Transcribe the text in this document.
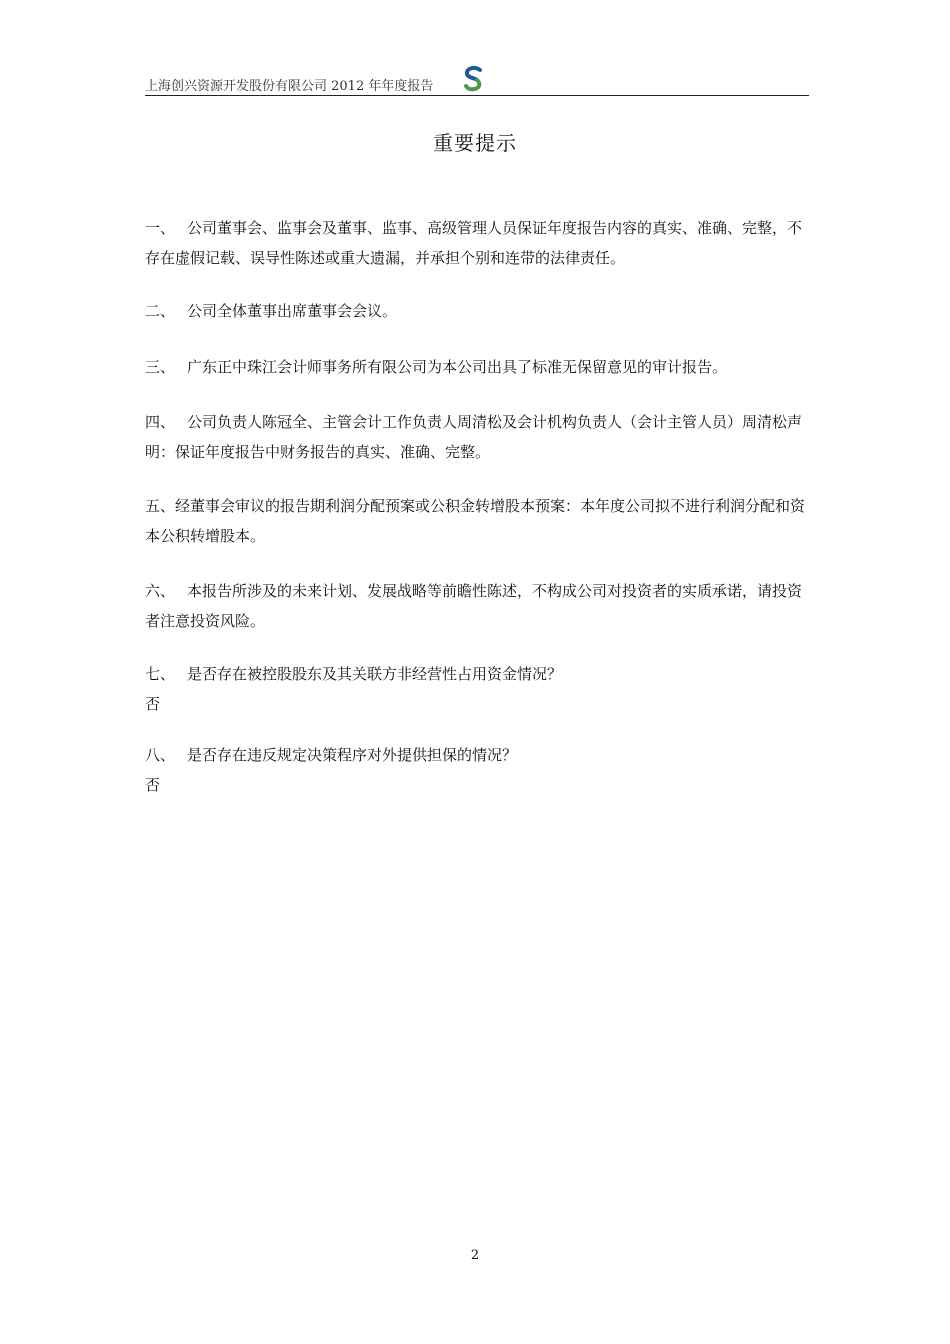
上海创兴资源开发股份有限公司 2012 年年度报告
重要提示
一、 公司董事会、监事会及董事、监事、高级管理人员保证年度报告内容的真实、准确、完整，不存在虚假记载、误导性陈述或重大遗漏，并承担个别和连带的法律责任。
二、 公司全体董事出席董事会会议。
三、 广东正中珠江会计师事务所有限公司为本公司出具了标准无保留意见的审计报告。
四、 公司负责人陈冠全、主管会计工作负责人周清松及会计机构负责人（会计主管人员）周清松声明：保证年度报告中财务报告的真实、准确、完整。
五、经董事会审议的报告期利润分配预案或公积金转增股本预案：本年度公司拟不进行利润分配和资本公积转增股本。
六、 本报告所涉及的未来计划、发展战略等前瞻性陈述，不构成公司对投资者的实质承诺，请投资者注意投资风险。
七、 是否存在被控股股东及其关联方非经营性占用资金情况？
否
八、 是否存在违反规定决策程序对外提供担保的情况？
否
2
